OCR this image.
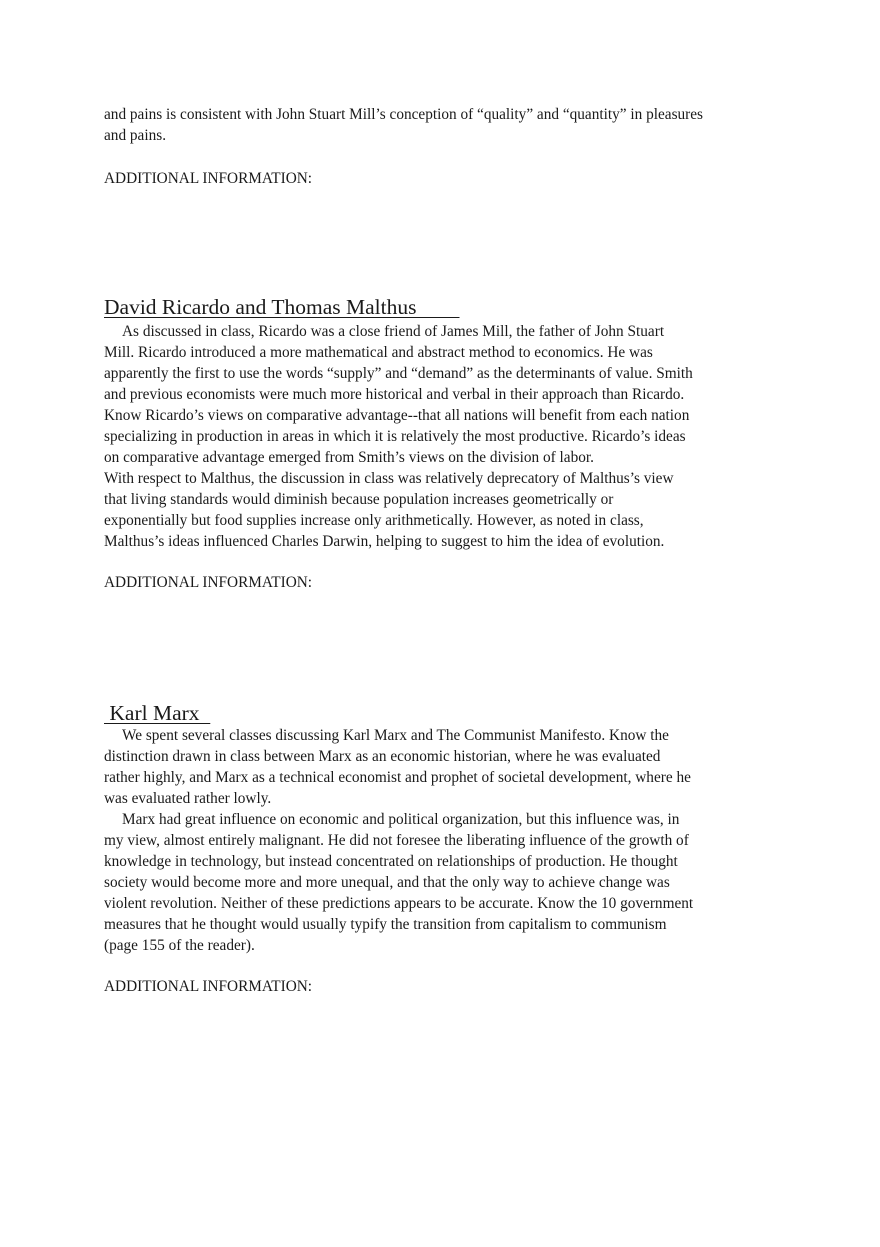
and pains is consistent with John Stuart Mill’s conception of “quality” and “quantity” in pleasures
and pains.
ADDITIONAL INFORMATION:
David Ricardo and Thomas Malthus
As discussed in class, Ricardo was a close friend of James Mill, the father of John Stuart
Mill. Ricardo introduced a more mathematical and abstract method to economics. He was
apparently the first to use the words “supply” and “demand” as the determinants of value. Smith
and previous economists were much more historical and verbal in their approach than Ricardo.
Know Ricardo’s views on comparative advantage--that all nations will benefit from each nation
specializing in production in areas in which it is relatively the most productive. Ricardo’s ideas
on comparative advantage emerged from Smith’s views on the division of labor.
With respect to Malthus, the discussion in class was relatively deprecatory of Malthus’s view
that living standards would diminish because population increases geometrically or
exponentially but food supplies increase only arithmetically. However, as noted in class,
Malthus’s ideas influenced Charles Darwin, helping to suggest to him the idea of evolution.
ADDITIONAL INFORMATION:
Karl Marx
We spent several classes discussing Karl Marx and The Communist Manifesto. Know the
distinction drawn in class between Marx as an economic historian, where he was evaluated
rather highly, and Marx as a technical economist and prophet of societal development, where he
was evaluated rather lowly.
Marx had great influence on economic and political organization, but this influence was, in
my view, almost entirely malignant. He did not foresee the liberating influence of the growth of
knowledge in technology, but instead concentrated on relationships of production. He thought
society would become more and more unequal, and that the only way to achieve change was
violent revolution. Neither of these predictions appears to be accurate. Know the 10 government
measures that he thought would usually typify the transition from capitalism to communism
(page 155 of the reader).
ADDITIONAL INFORMATION:
